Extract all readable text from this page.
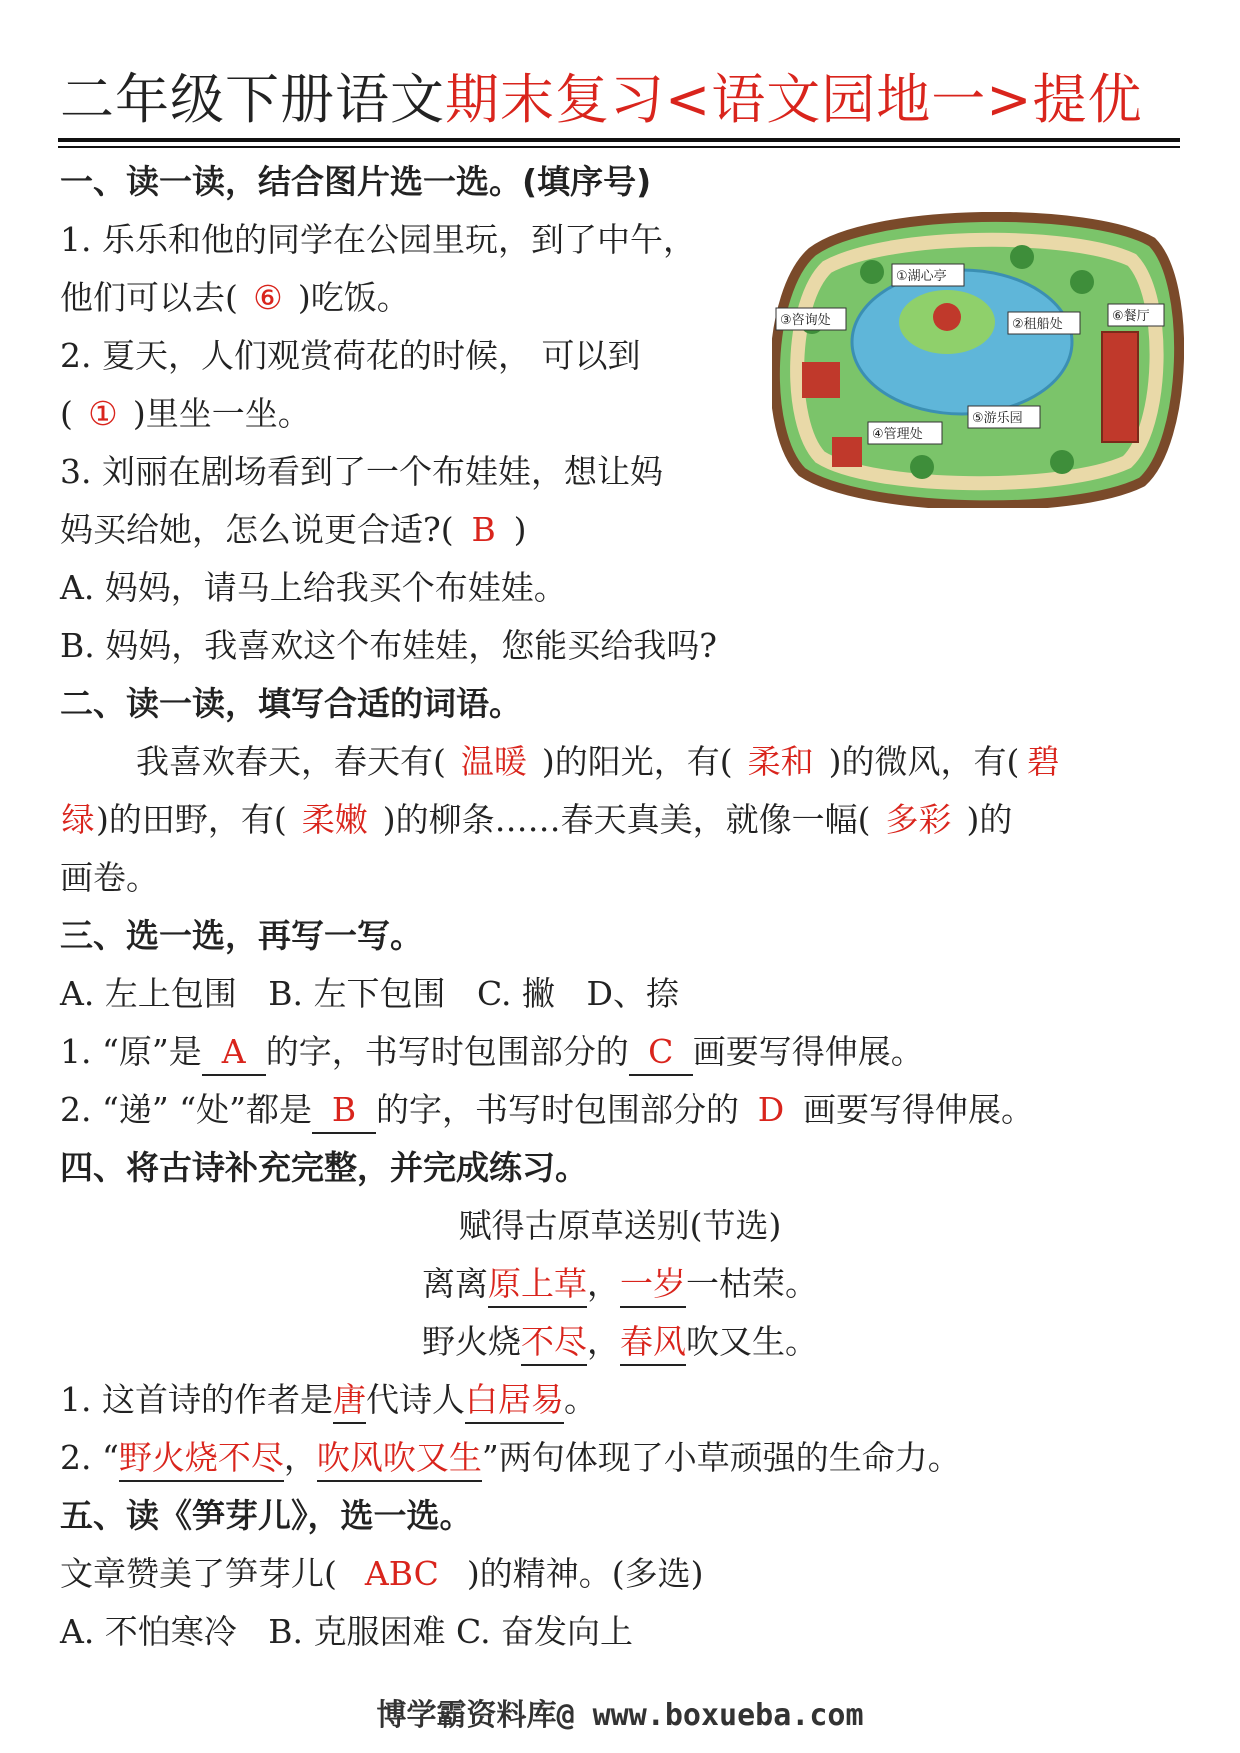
二年级下册语文期末复习<语文园地一>提优
一、读一读，结合图片选一选。(填序号)
1. 乐乐和他的同学在公园里玩，到了中午，
他们可以去( ⑥ )吃饭。
2. 夏天，人们观赏荷花的时候， 可以到
( ① )里坐一坐。
3. 刘丽在剧场看到了一个布娃娃，想让妈
妈买给她，怎么说更合适?( B )
A. 妈妈，请马上给我买个布娃娃。
B. 妈妈，我喜欢这个布娃娃，您能买给我吗?
①湖心亭
③咨询处	②租船处
⑥餐厅
⑤游乐园
④管理处
二、读一读，填写合适的词语。
我喜欢春天，春天有( 温暖 )的阳光，有( 柔和 )的微风，有( 碧
绿)的田野，有( 柔嫩 )的柳条……春天真美，就像一幅( 多彩 )的
画卷。
三、选一选，再写一写。
A. 左上包围   B. 左下包围   C. 撇   D、捺
1. “原”是 A 的字，书写时包围部分的 C 画要写得伸展。
2. “递” “处”都是 B 的字，书写时包围部分的 D 画要写得伸展。
四、将古诗补充完整，并完成练习。
赋得古原草送别(节选)
离离原上草，一岁一枯荣。
野火烧不尽，春风吹又生。
1. 这首诗的作者是唐代诗人白居易。
2. “野火烧不尽，吹风吹又生”两句体现了小草顽强的生命力。
五、读《笋芽儿》，选一选。
文章赞美了笋芽儿( ABC )的精神。(多选)
A. 不怕寒冷   B. 克服困难 C. 奋发向上
博学霸资料库@ www.boxueba.com
